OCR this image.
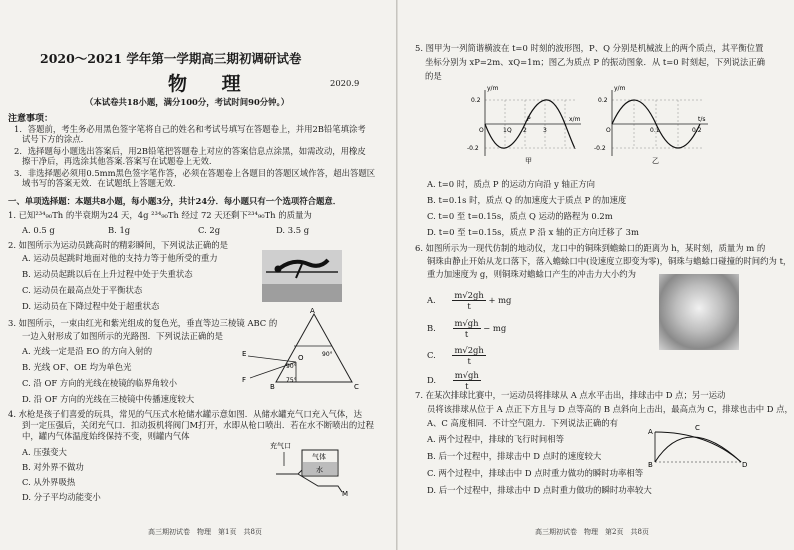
2020～2021 学年第一学期高三期初调研试卷
物 理	2020.9
（本试卷共18小题，满分100分，考试时间90分钟。）
注意事项：
1．答题前，考生务必用黑色签字笔将自己的姓名和考试号填写在答题卷上，并用2B铅笔填涂考
试号下方的涂点.
2．选择题每小题选出答案后，用2B铅笔把答题卷上对应的答案信息点涂黑，如需改动，用橡皮
擦干净后，再选涂其他答案.答案写在试题卷上无效.
3．非选择题必须用0.5mm黑色签字笔作答，必须在答题卷上各题目的答题区域作答，超出答题区
域书写的答案无效．在试题纸上答题无效.
一、单项选择题：本题共8小题，每小题3分，共计24分．每小题只有一个选项符合题意．
1. 已知²³⁴₉₀Th 的半衰期为24 天，4g ²³⁴₉₀Th 经过 72 天还剩下²³⁴₉₀Th 的质量为
A. 0.5 g	B. 1g	C. 2g	D. 3.5 g
2. 如图所示为运动员跳高时的精彩瞬间，下列说法正确的是
A. 运动员起跳时地面对他的支持力等于他所受的重力
B. 运动员起跳以后在上升过程中处于失重状态
C. 运动员在最高点处于平衡状态
D. 运动员在下降过程中处于超重状态
3. 如图所示，一束由红光和紫光组成的复色光，垂直等边三棱镜 ABC 的
一边入射形成了如图所示的光路图．下列说法正确的是
A. 光线一定是沿 EO 的方向入射的
B. 光线 OF、OE 均为单色光
C. 沿 OF 方向的光线在棱镜的临界角较小
D. 沿 OF 方向的光线在三棱镜中传播速度较大
A
B	C
E
F
O
90°
90°
75°
4. 水枪是孩子们喜爱的玩具，常见的气压式水枪储水罐示意如图．从储水罐充气口充入气体，达
到一定压强后，关闭充气口．扣动扳机将阀门M打开，水即从枪口喷出．若在水不断喷出的过程
中，罐内气体温度始终保持不变，则罐内气体
A. 压强变大
B. 对外界不做功
C. 从外界吸热
D. 分子平均动能变小
充气口
气体
水
M
高三期初试卷　物理　第1页　共8页
5. 图甲为一列简谐横波在 t=0 时刻的波形图，P、Q 分别是机械波上的两个质点，其平衡位置
坐标分别为 xP=2m、xQ=1m；图乙为质点 P 的振动图象．从 t=0 时刻起，下列说法正确
的是
y/m
x/m
0.2
-0.2
O
P
Q
1	2	3
甲
y/m
t/s
0.2
-0.2
O	0.1	0.2
乙
A. t=0 时，质点 P 的运动方向沿 y 轴正方向
B. t=0.1s 时，质点 Q 的加速度大于质点 P 的加速度
C. t=0 至 t=0.15s，质点 Q 运动的路程为 0.2m
D. t=0 至 t=0.15s，质点 P 沿 x 轴的正方向迁移了 3m
6. 如图所示为一现代仿制的地动仪，龙口中的铜珠到蟾蜍口的距离为 h，某时刻，质量为 m 的
铜珠由静止开始从龙口落下，落入蟾蜍口中(设速度立即变为零)，铜珠与蟾蜍口碰撞的时间约为 t，
重力加速度为 g，则铜珠对蟾蜍口产生的冲击力大小约为
A. $\frac{m√2gh}{t}$ + mg
B. $\frac{m√gh}{t}$ − mg
C. $\frac{m√2gh}{t}$
D. $\frac{m√gh}{t}$
7. 在某次排球比赛中，一运动员将排球从 A 点水平击出，排球击中 D 点；另一运动
员将该排球从位于 A 点正下方且与 D 点等高的 B 点斜向上击出，最高点为 C，排球也击中 D 点，
A、C 高度相同．不计空气阻力．下列说法正确的有
A. 两个过程中，排球的飞行时间相等
B. 后一个过程中，排球击中 D 点时的速度较大
C. 两个过程中，排球击中 D 点时重力做功的瞬时功率相等
D. 后一个过程中，排球击中 D 点时重力做功的瞬时功率较大
A
B
C
D
高三期初试卷　物理　第2页　共8页
